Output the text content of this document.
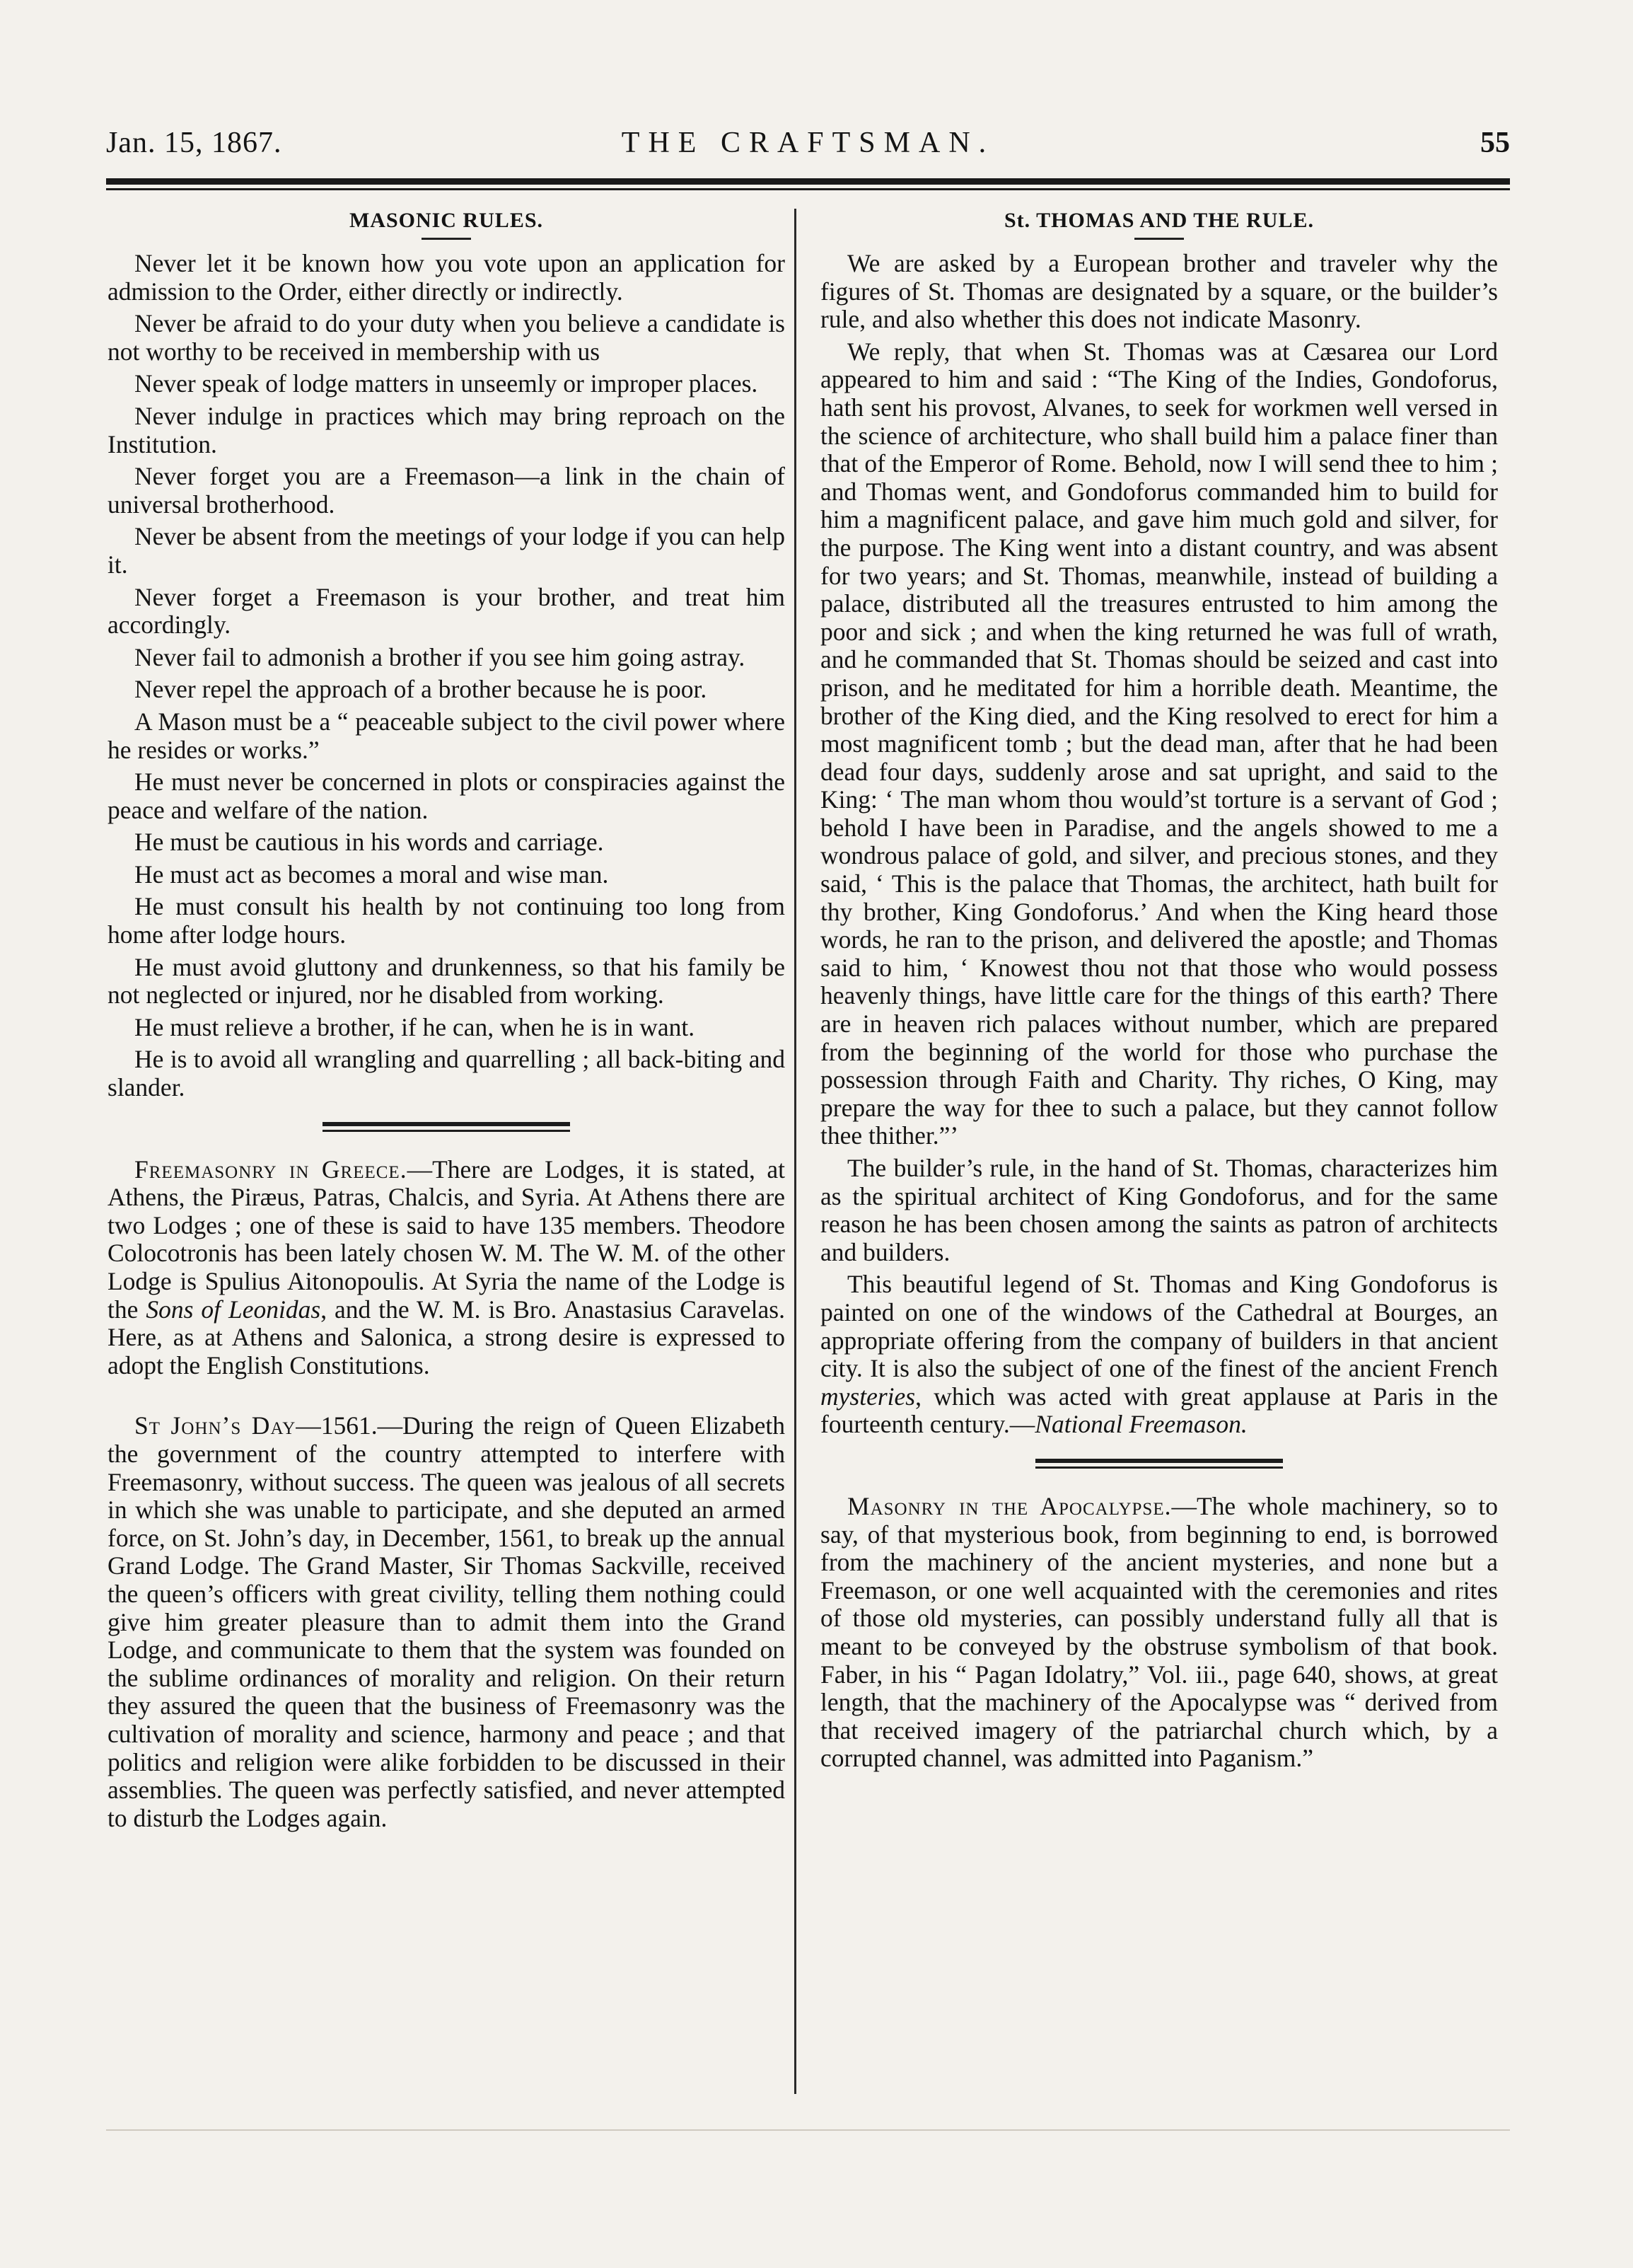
Jan. 15, 1867.	THE CRAFTSMAN.	55
MASONIC RULES.

Never let it be known how you vote upon an application for admission to the Order, either directly or indirectly.

Never be afraid to do your duty when you believe a candidate is not worthy to be received in membership with us

Never speak of lodge matters in unseemly or improper places.

Never indulge in practices which may bring reproach on the Institution.

Never forget you are a Freemason—a link in the chain of universal brotherhood.

Never be absent from the meetings of your lodge if you can help it.

Never forget a Freemason is your brother, and treat him accordingly.

Never fail to admonish a brother if you see him going astray.

Never repel the approach of a brother because he is poor.

A Mason must be a “ peaceable subject to the civil power where he resides or works.”

He must never be concerned in plots or conspiracies against the peace and welfare of the nation.

He must be cautious in his words and carriage.

He must act as becomes a moral and wise man.

He must consult his health by not continuing too long from home after lodge hours.

He must avoid gluttony and drunkenness, so that his family be not neglected or injured, nor he disabled from working.

He must relieve a brother, if he can, when he is in want.

He is to avoid all wrangling and quarrelling ; all back-biting and slander.

Freemasonry in Greece.—There are Lodges, it is stated, at Athens, the Piræus, Patras, Chalcis, and Syria. At Athens there are two Lodges ; one of these is said to have 135 members. Theodore Colocotronis has been lately chosen W. M. The W. M. of the other Lodge is Spulius Aitonopoulis. At Syria the name of the Lodge is the Sons of Leonidas, and the W. M. is Bro. Anastasius Caravelas. Here, as at Athens and Salonica, a strong desire is expressed to adopt the English Constitutions.

St John’s Day—1561.—During the reign of Queen Elizabeth the government of the country attempted to interfere with Freemasonry, without success. The queen was jealous of all secrets in which she was unable to participate, and she deputed an armed force, on St. John’s day, in December, 1561, to break up the annual Grand Lodge. The Grand Master, Sir Thomas Sackville, received the queen’s officers with great civility, telling them nothing could give him greater pleasure than to admit them into the Grand Lodge, and communicate to them that the system was founded on the sublime ordinances of morality and religion. On their return they assured the queen that the business of Freemasonry was the cultivation of morality and science, harmony and peace ; and that politics and religion were alike forbidden to be discussed in their assemblies. The queen was perfectly satisfied, and never attempted to disturb the Lodges again.

St. THOMAS AND THE RULE.

We are asked by a European brother and traveler why the figures of St. Thomas are designated by a square, or the builder’s rule, and also whether this does not indicate Masonry.

We reply, that when St. Thomas was at Cæsarea our Lord appeared to him and said : “The King of the Indies, Gondoforus, hath sent his provost, Alvanes, to seek for workmen well versed in the science of architecture, who shall build him a palace finer than that of the Emperor of Rome. Behold, now I will send thee to him ; and Thomas went, and Gondoforus commanded him to build for him a magnificent palace, and gave him much gold and silver, for the purpose. The King went into a distant country, and was absent for two years; and St. Thomas, meanwhile, instead of building a palace, distributed all the treasures entrusted to him among the poor and sick ; and when the king returned he was full of wrath, and he commanded that St. Thomas should be seized and cast into prison, and he meditated for him a horrible death. Meantime, the brother of the King died, and the King resolved to erect for him a most magnificent tomb ; but the dead man, after that he had been dead four days, suddenly arose and sat upright, and said to the King: ‘ The man whom thou would’st torture is a servant of God ; behold I have been in Paradise, and the angels showed to me a wondrous palace of gold, and silver, and precious stones, and they said, ‘ This is the palace that Thomas, the architect, hath built for thy brother, King Gondoforus.’ And when the King heard those words, he ran to the prison, and delivered the apostle; and Thomas said to him, ‘ Knowest thou not that those who would possess heavenly things, have little care for the things of this earth? There are in heaven rich palaces without number, which are prepared from the beginning of the world for those who purchase the possession through Faith and Charity. Thy riches, O King, may prepare the way for thee to such a palace, but they cannot follow thee thither.”’

The builder’s rule, in the hand of St. Thomas, characterizes him as the spiritual architect of King Gondoforus, and for the same reason he has been chosen among the saints as patron of architects and builders.

This beautiful legend of St. Thomas and King Gondoforus is painted on one of the windows of the Cathedral at Bourges, an appropriate offering from the company of builders in that ancient city. It is also the subject of one of the finest of the ancient French mysteries, which was acted with great applause at Paris in the fourteenth century.—National Freemason.

Masonry in the Apocalypse.—The whole machinery, so to say, of that mysterious book, from beginning to end, is borrowed from the machinery of the ancient mysteries, and none but a Freemason, or one well acquainted with the ceremonies and rites of those old mysteries, can possibly understand fully all that is meant to be conveyed by the obstruse symbolism of that book. Faber, in his “ Pagan Idolatry,” Vol. iii., page 640, shows, at great length, that the machinery of the Apocalypse was “ derived from that received imagery of the patriarchal church which, by a corrupted channel, was admitted into Paganism.”
